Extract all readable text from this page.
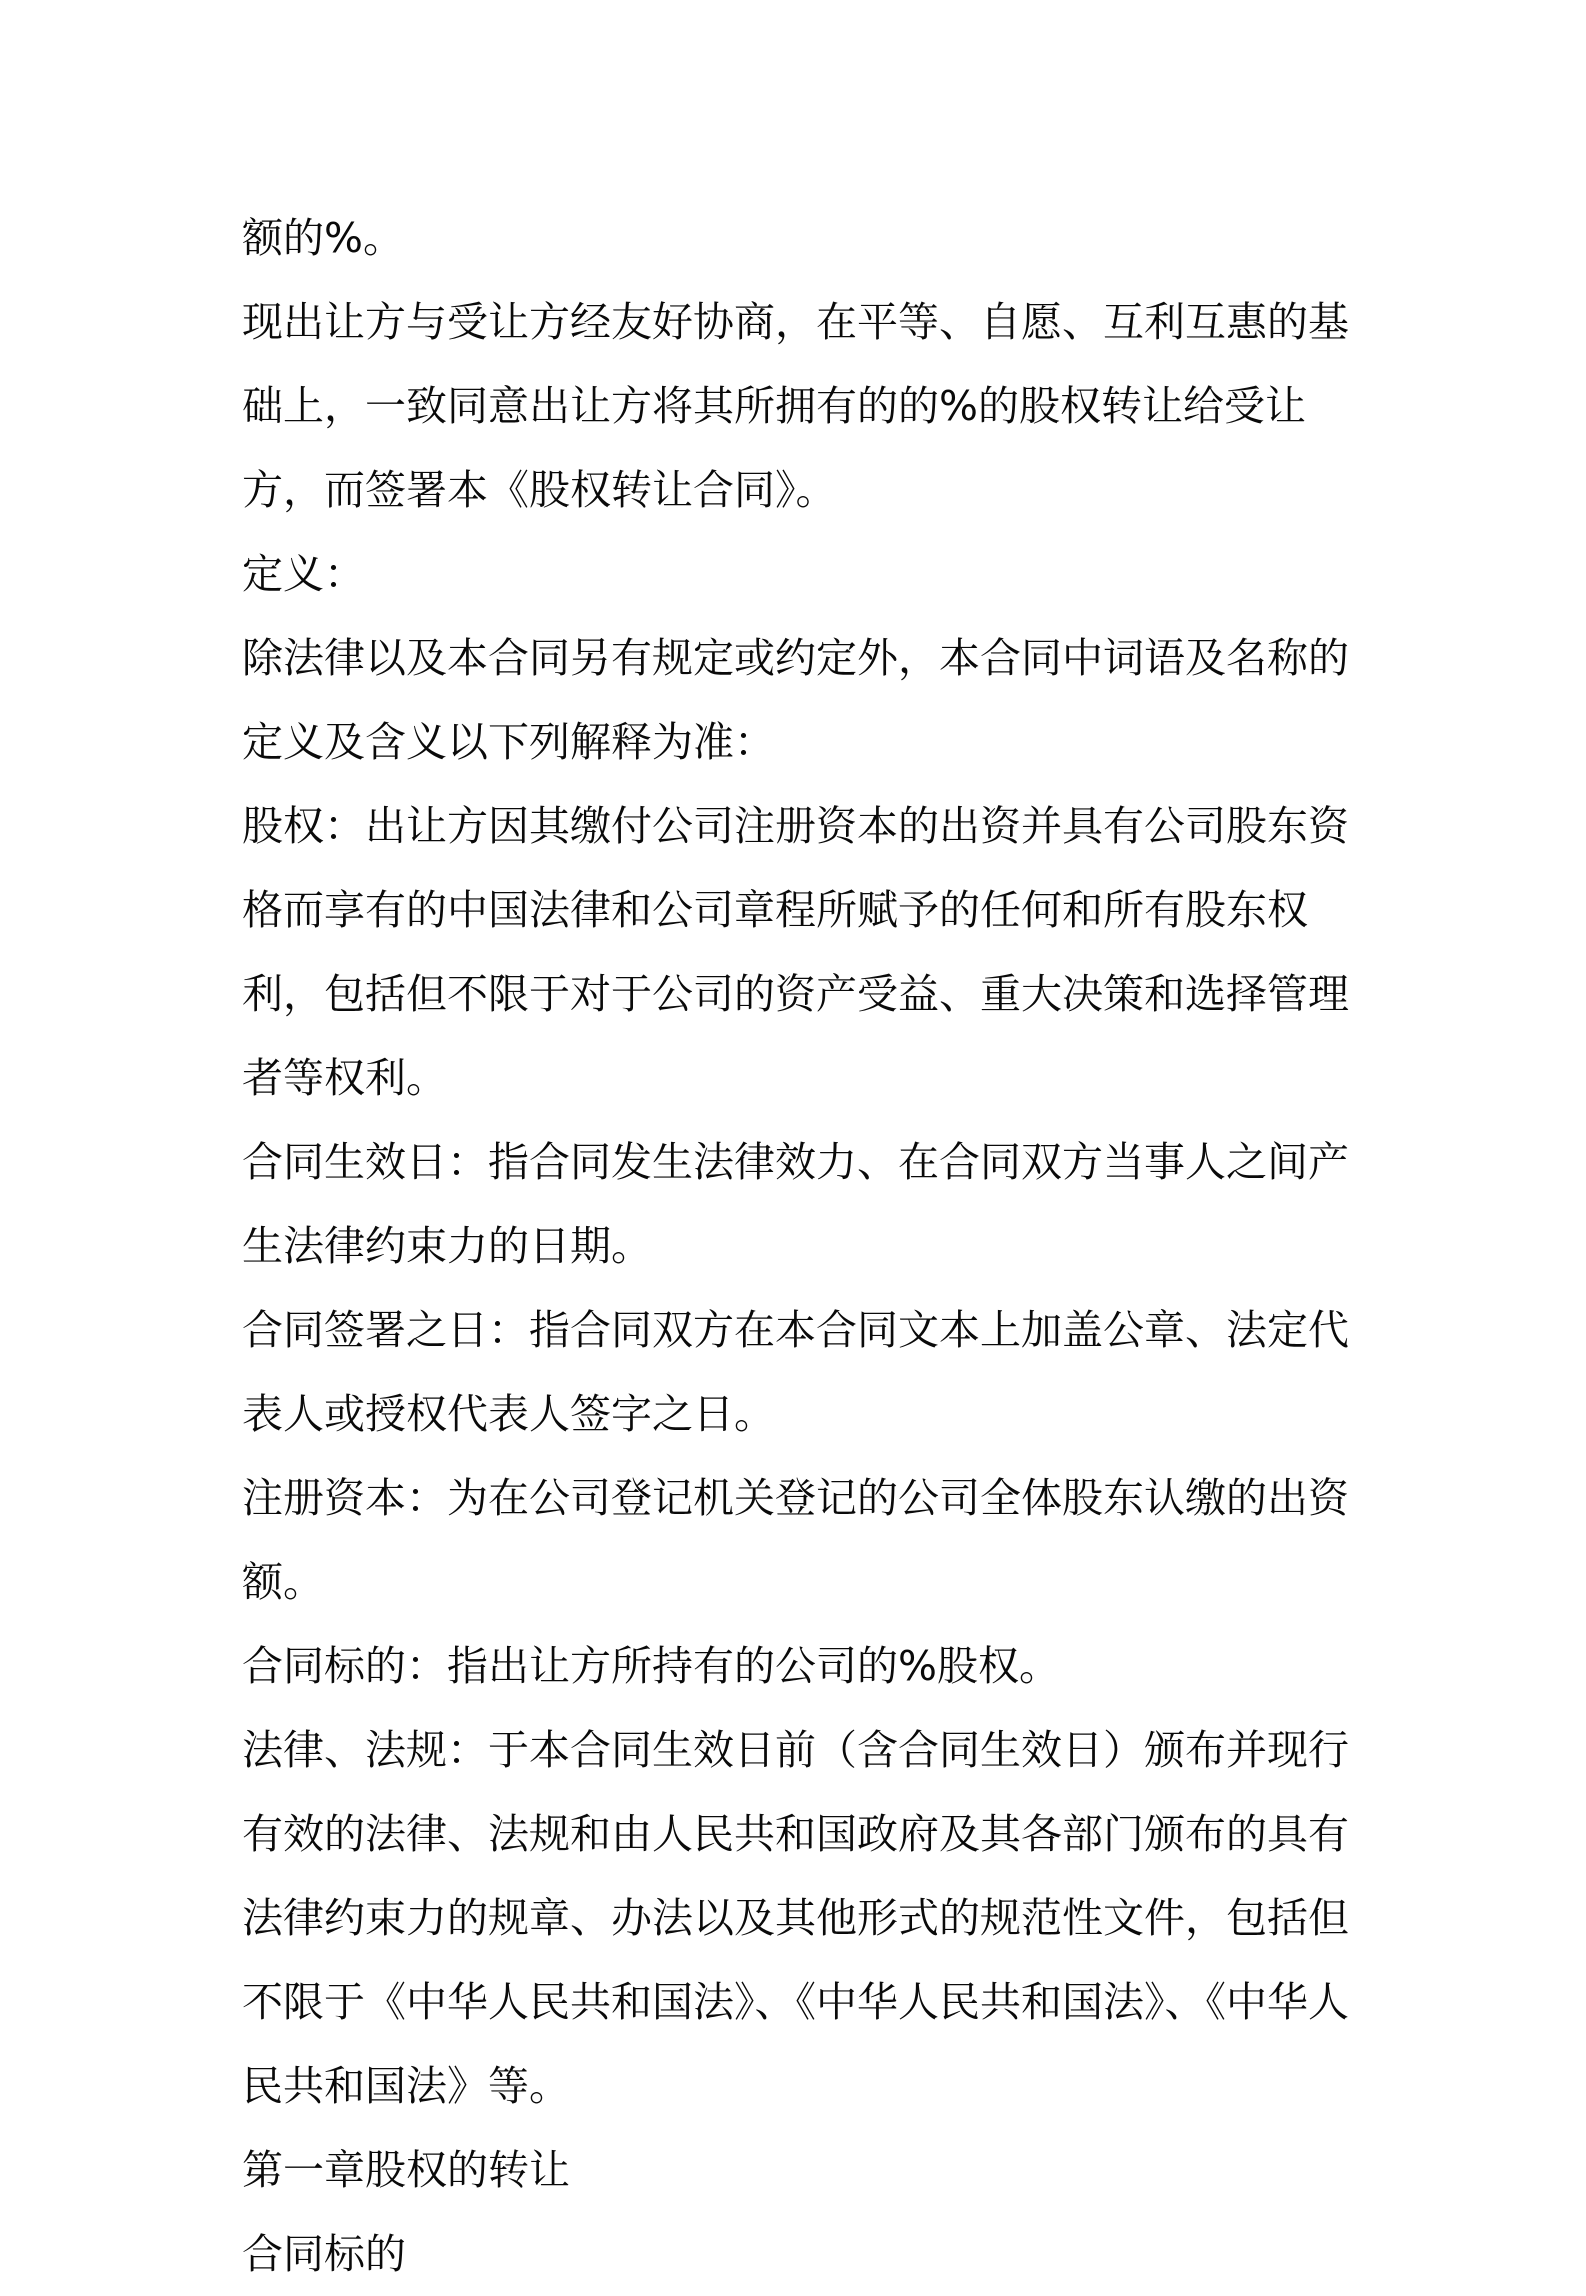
额的%。

现出让方与受让方经友好协商，在平等、自愿、互利互惠的基础上，一致同意出让方将其所拥有的的%的股权转让给受让方，而签署本《股权转让合同》。

定义：

除法律以及本合同另有规定或约定外，本合同中词语及名称的定义及含义以下列解释为准：

股权：出让方因其缴付公司注册资本的出资并具有公司股东资格而享有的中国法律和公司章程所赋予的任何和所有股东权利，包括但不限于对于公司的资产受益、重大决策和选择管理者等权利。

合同生效日：指合同发生法律效力、在合同双方当事人之间产生法律约束力的日期。

合同签署之日：指合同双方在本合同文本上加盖公章、法定代表人或授权代表人签字之日。

注册资本：为在公司登记机关登记的公司全体股东认缴的出资额。

合同标的：指出让方所持有的公司的%股权。

法律、法规：于本合同生效日前（含合同生效日）颁布并现行有效的法律、法规和由人民共和国政府及其各部门颁布的具有法律约束力的规章、办法以及其他形式的规范性文件，包括但不限于《中华人民共和国法》、《中华人民共和国法》、《中华人民共和国法》等。

第一章股权的转让

合同标的
